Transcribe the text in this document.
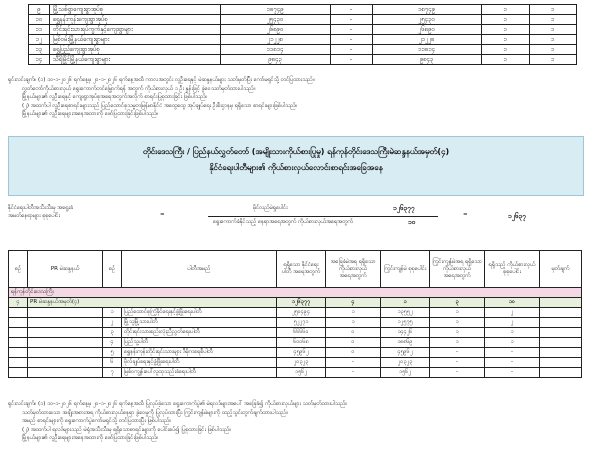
၉	မြို့သစ်ရွာကျေးရွာအုပ်စု	၁၈၇၄၉	-	၁၈၇၄၉	၁	၁
၁၀	ရွှေနန်းကုန်းကျေးရွာအုပ်စု	၂၅၄၃၀	-	၂၅၄၃၀	၁	၁
၁၁	တိုင်းရင်းသားရပ်ကွက်နှင့်ကျေးရွာများ	၂၆၈၉၀	-	၂၆၈၉၀	၁	၁
၁၂	မြစ်ဝမ်းမြို့နယ်ကျေးရွာများ	၂၁၂၂၈	-	၂၁၂၂၈	၁	၁
၁၃	ရွှေပြည်ကျေးရွာအုပ်စု	၁၁၈၁၄	-	၁၁၈၁၄	၁	၁
၁၄	သီရိမြိုင်မြို့နယ်ကျေးရွာများ	၉၈၄၃	-	၉၈၄၃	၁	၁

ရှင်းလင်းချက်။ (၁) ၁၀-၁-၂၀၂၆ ရက်နေ့မှ ၂၀-၁-၂၀၂၆ ရက်နေ့အထိ ကာလအတွင်း လူဦးရေနှင့် မဲဆန္ဒနယ်များ သတ်မှတ်ပြီး ကော်မရှင်သို့ တင်ပြထားသည်။

လွှတ်တော်ကိုယ်စားလှယ် ရွေးကောက်တင်မြှောက်ရန် အတွက် ကိုယ်စားလှယ် ၁ ဦး နှုန်းဖြင့် ခွဲဝေသတ်မှတ်ထားပါသည်။

မြို့နယ်များ၏ လူဦးရေနှင့် ကျေးရွာအုပ်စုအရေအတွက်အလိုက် စာရင်းပြုစုထားခြင်း ဖြစ်ပါသည်။

(၂) အထက်ပါ လူဦးရေစာရင်းများသည် ပြည်ထောင်စုသမ္မတမြန်မာနိုင်ငံ အထွေထွေ အုပ်ချုပ်ရေး ဦးစီးဌာနမှ ရရှိသော စာရင်းများဖြစ်ပါသည်။

မြို့နယ်များ၏ လူဦးရေများအနေအထားကို ဖော်ပြထားခြင်းဖြစ်ပါသည်။

တိုင်းဒေသကြီး / ပြည်နယ်လွှတ်တော် (အမျိုးသားကိုယ်စားပြုမှု) ရန်ကုန်တိုင်းဒေသကြီးမဲဆန္ဒနယ်အမှတ်(၄)
နိုင်ငံရေးပါတီများ၏ ကိုယ်စားလှယ်လောင်းစာရင်းအခြေအနေ
နိုင်ငံရေးပါတီအသီးသီးမှ အရွေးခံ
အမတ်နေရာများ စုစုပေါင်း	=
မိုင်လည်မဲရှုပေါင်း
ရွေးကောက်ခံနိုင်သည့် နေရာအရေအတွက် ကိုယ်စားလှယ်အရေအတွက်
၁၂၆၃၇၇
၁၀
=	၁၂၆၃၇
စဉ်	PR မဲဆန္ဒနယ်	စဉ်	ပါတီအမည်	ရရှိသော နိုင်ငံရေး ပါတီ အရေအတွက်	အခြေခံမဲအရ ရရှိသော ကိုယ်စားလှယ် အရေအတွက်	ကြွင်းကျန်မဲ စုစုပေါင်း	ကြွင်းကျန်မဲအရ ရရှိသော ကိုယ်စားလှယ် အရေအတွက်	ရရှိသည့် ကိုယ်စားလှယ် စုစုပေါင်း	မှတ်ချက်
ရန်ကုန်တိုင်းဒေသကြီး									
၄	PR မဲဆန္ဒနယ်အမှတ်(၄)			၁၂၆၃၇၇	၄	၁	၃	၁၀	
		၁	ပြည်ထောင်စုကြံ့ခိုင်ရေးနှင့်ဖွံ့ဖြိုးရေးပါတီ	၂၅၀၄၉၄	၁	၁၃၅၅၂	၁	၂	
		၂	မြို့သူမြို့သားပါတီ	၅၂၂၇၁	၁	၁၂၅၇၅	၁	၂	
		၃	တိုင်းရင်းသားစည်းလုံးညီညွတ်ရေးပါတီ	၆၆၆၆၀	၀	၁၄၄၂၆	၁	၁	
		၄	ပြည်သူ့ပါတီ	၆၀၀၆၈	၀	၁၈၈၆၉	၁	၁	
		၅	ရွှေနန်းကုန်းတိုင်းရင်းသားများ ဒီမိုကရေစီပါတီ	၄၅၉၆၂	၀	၄၅၉၆၂	-	-	
		၆	ဗိုလ်ချုပ်ရေးနှင့်ဖွံ့ဖြိုးရေးပါတီ	၂၀၃၂၃	-	၂၀၃၂၃	-	-	
		၇	မြစ်ဝကျွန်းပေါ်လူထုသည်းခံရေးပါတီ	၁၅၆၂	-	၁၅၆၂	-	-	

ရှင်းလင်းချက်။ (၁) ၁၀-၁-၂၀၂၆ ရက်နေ့မှ ၂၀-၁-၂၀၂၆ ရက်နေ့အထိ ပြုလုပ်ခဲ့သော ရွေးကောက်ပွဲ၏ မဲရလဒ်များအပေါ် အခြေခံ၍ ကိုယ်စားလှယ်များ သတ်မှတ်ထားပါသည်။

သတ်မှတ်ထားသော အချိုးအစားအရ ကိုယ်စားလှယ်နေရာ ခွဲဝေမှုကို ပြုလုပ်ထားပြီး ကြွင်းကျန်မဲများကို ထည့်သွင်းတွက်ချက်ထားပါသည်။

အမည် စာရင်းများကို ရွေးကောက်ပွဲကော်မရှင်သို့ တင်ပြထားပြီး ဖြစ်ပါသည်။

(၂) အထက်ပါ ရလဒ်များသည် မဲရုံအသီးသီးမှ ရရှိသောစာရင်းများကို ပေါင်းစပ်၍ ပြုစုထားခြင်း ဖြစ်ပါသည်။

မြို့နယ်များ၏ လူဦးရေများအနေအထားကို ဖော်ပြထားခြင်းဖြစ်ပါသည်။
